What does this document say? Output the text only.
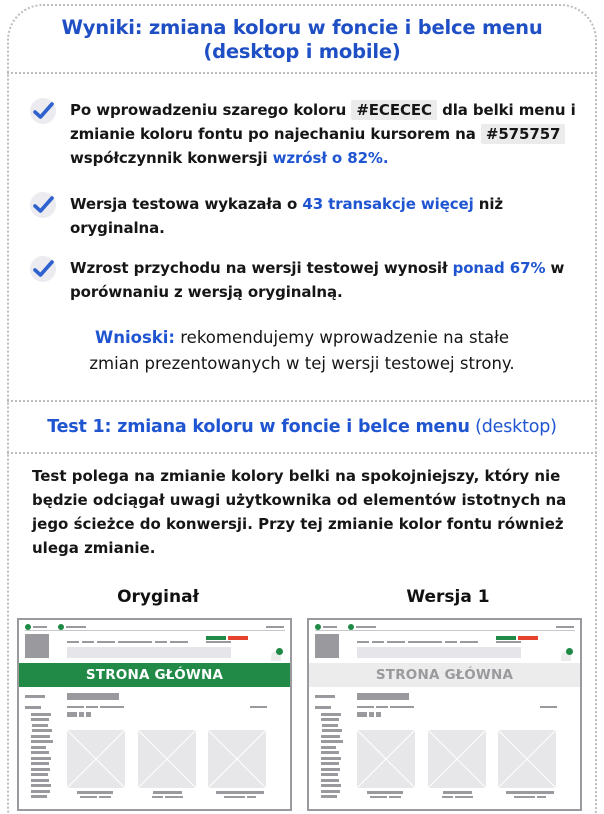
Wyniki: zmiana koloru w foncie i belce menu
(desktop i mobile)
Po wprowadzeniu szarego koloru #ECECEC dla belki menu i zmianie koloru fontu po najechaniu kursorem na #575757 współczynnik konwersji wzrósł o 82%.
Wersja testowa wykazała o 43 transakcje więcej niż oryginalna.
Wzrost przychodu na wersji testowej wynosił ponad 67% w porównaniu z wersją oryginalną.
Wnioski: rekomendujemy wprowadzenie na stałe
zmian prezentowanych w tej wersji testowej strony.
Test 1: zmiana koloru w foncie i belce menu (desktop)
Test polega na zmianie kolory belki na spokojniejszy, który nie będzie odciągał uwagi użytkownika od elementów istotnych na jego ścieżce do konwersji. Przy tej zmianie kolor fontu również ulega zmianie.
Oryginał	Wersja 1
STRONA GŁÓWNA	STRONA GŁÓWNA
